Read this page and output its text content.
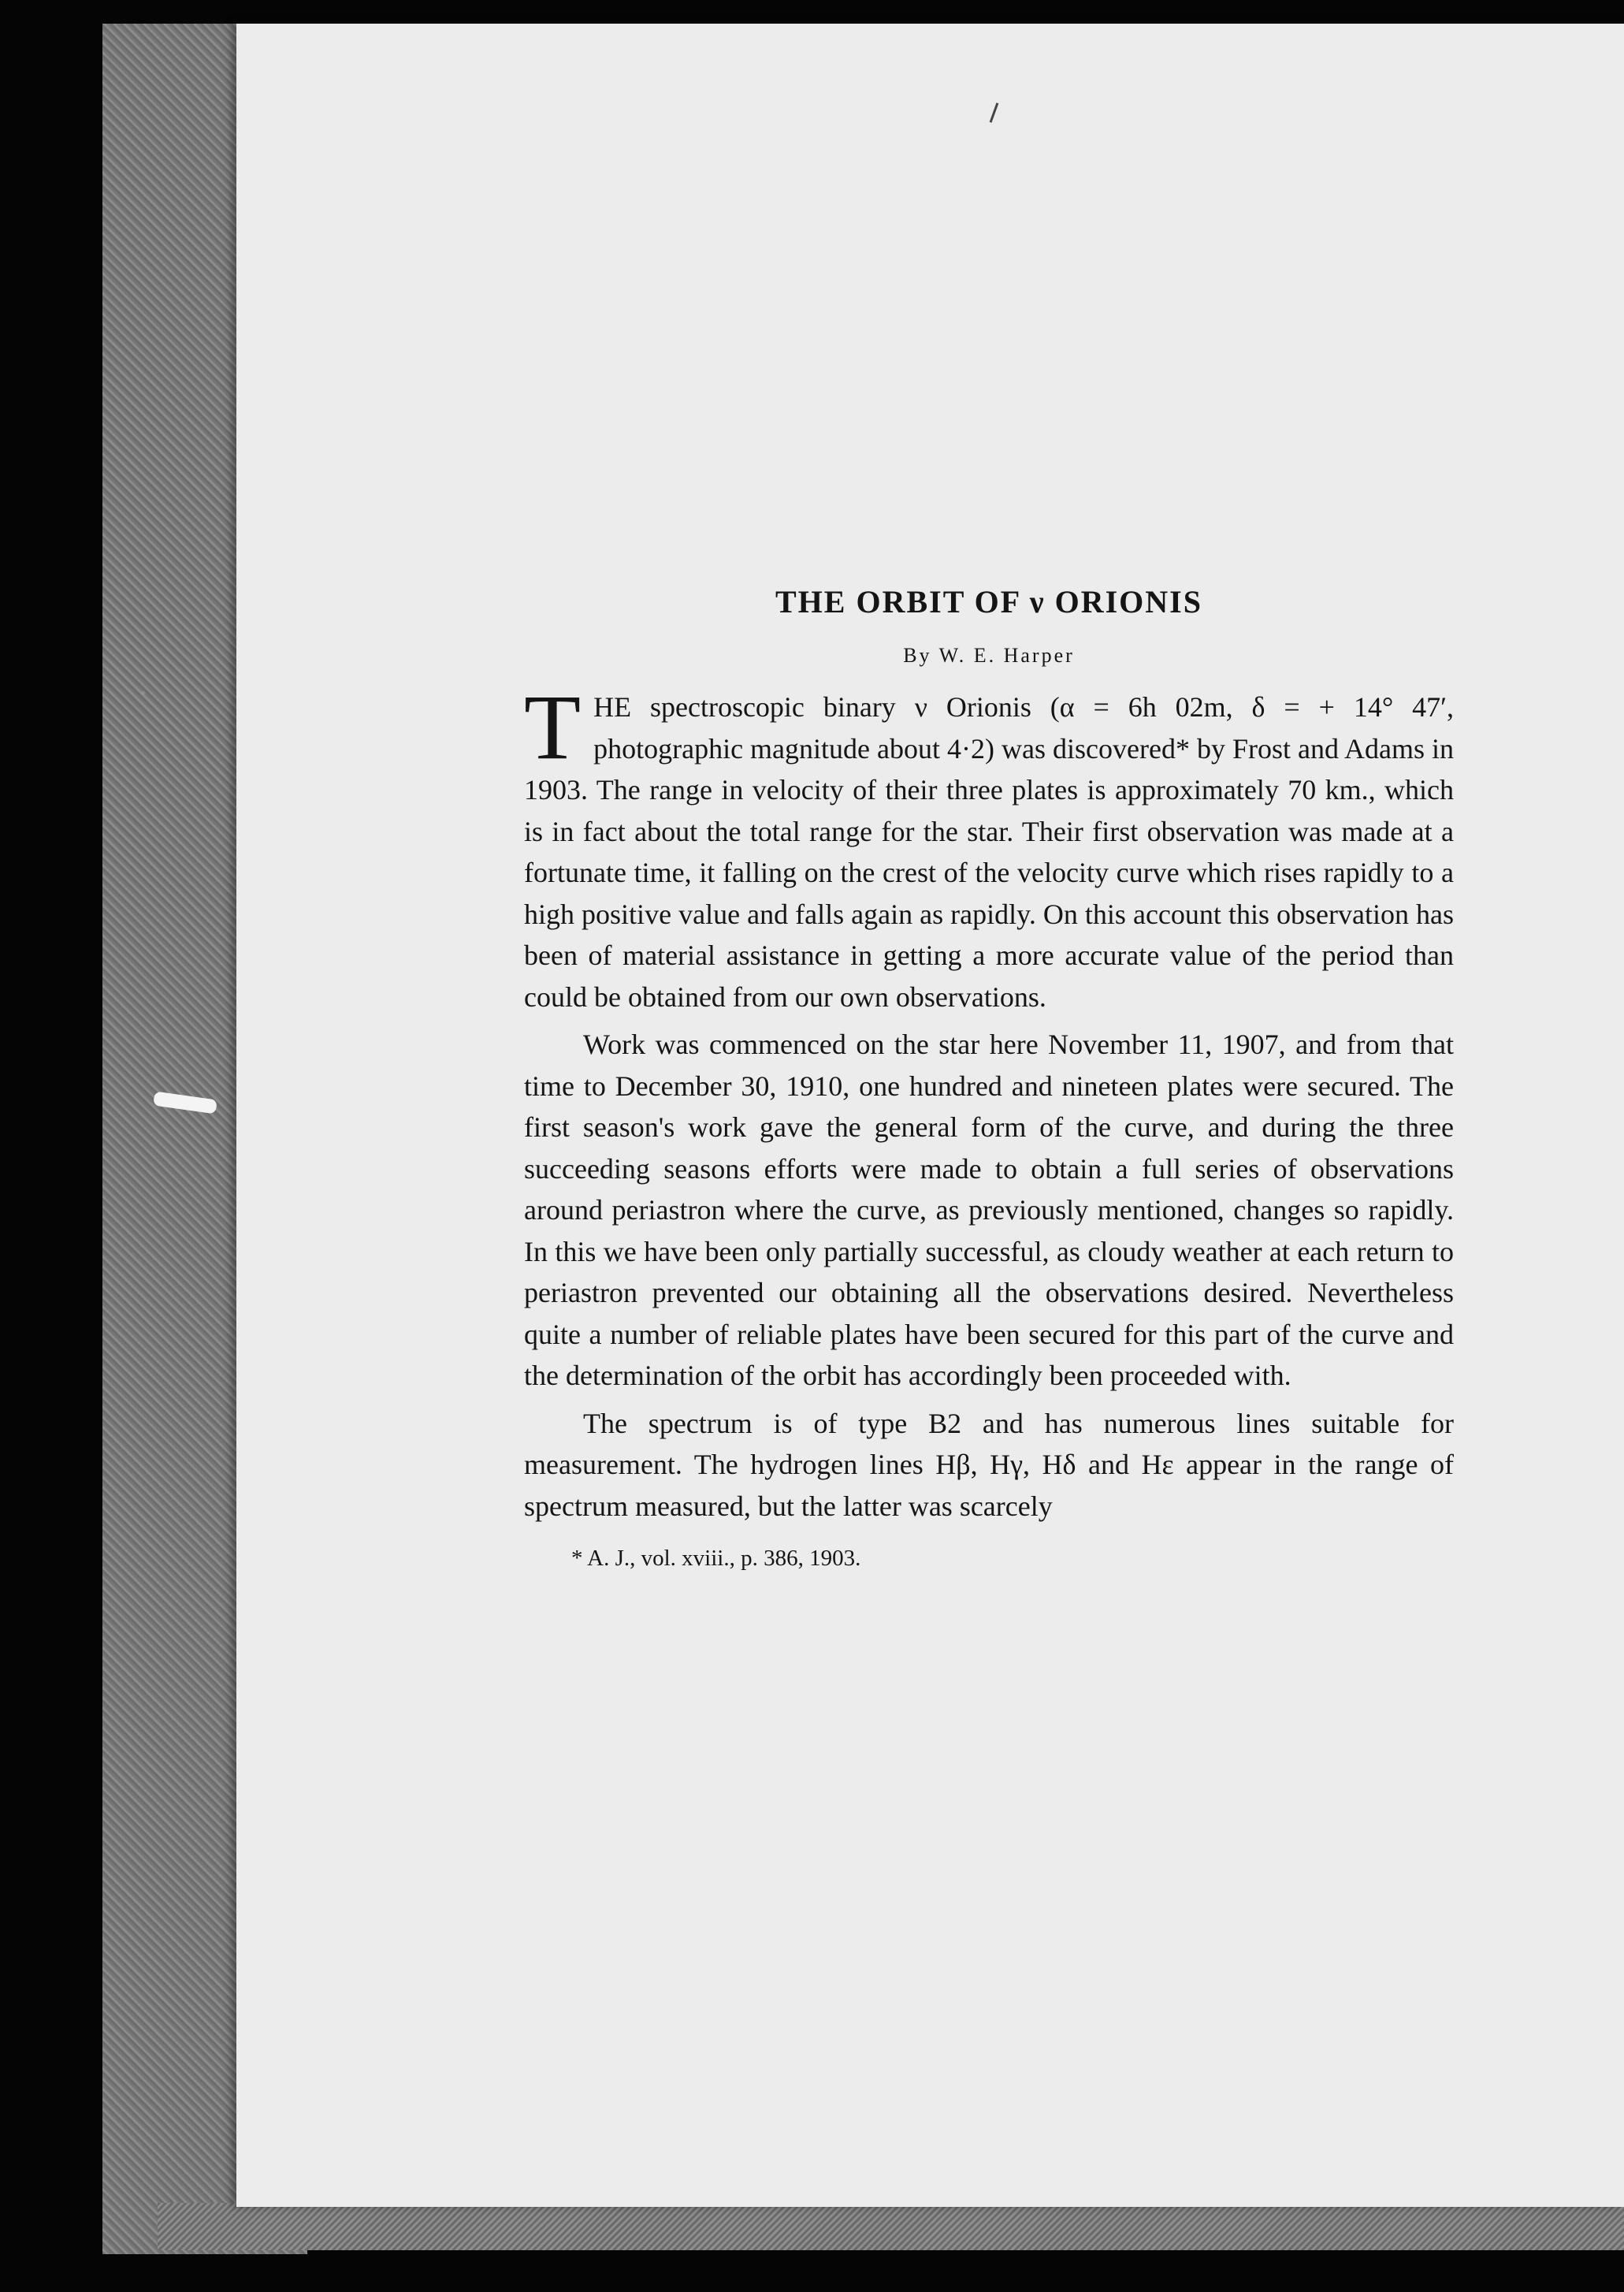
THE ORBIT OF ν ORIONIS
By W. E. Harper

T HE spectroscopic binary ν Orionis (α = 6h 02m, δ = + 14° 47′, photographic magnitude about 4·2) was discovered* by Frost and Adams in 1903. The range in velocity of their three plates is approximately 70 km., which is in fact about the total range for the star. Their first observation was made at a fortunate time, it falling on the crest of the velocity curve which rises rapidly to a high positive value and falls again as rapidly. On this account this observation has been of material assistance in getting a more accurate value of the period than could be obtained from our own observations.

Work was commenced on the star here November 11, 1907, and from that time to December 30, 1910, one hundred and nineteen plates were secured. The first season's work gave the general form of the curve, and during the three succeeding seasons efforts were made to obtain a full series of observations around periastron where the curve, as previously mentioned, changes so rapidly. In this we have been only partially successful, as cloudy weather at each return to periastron prevented our obtaining all the observations desired. Nevertheless quite a number of reliable plates have been secured for this part of the curve and the determination of the orbit has accordingly been proceeded with.

The spectrum is of type B2 and has numerous lines suitable for measurement. The hydrogen lines Hβ, Hγ, Hδ and Hε appear in the range of spectrum measured, but the latter was scarcely

* A. J., vol. xviii., p. 386, 1903.
